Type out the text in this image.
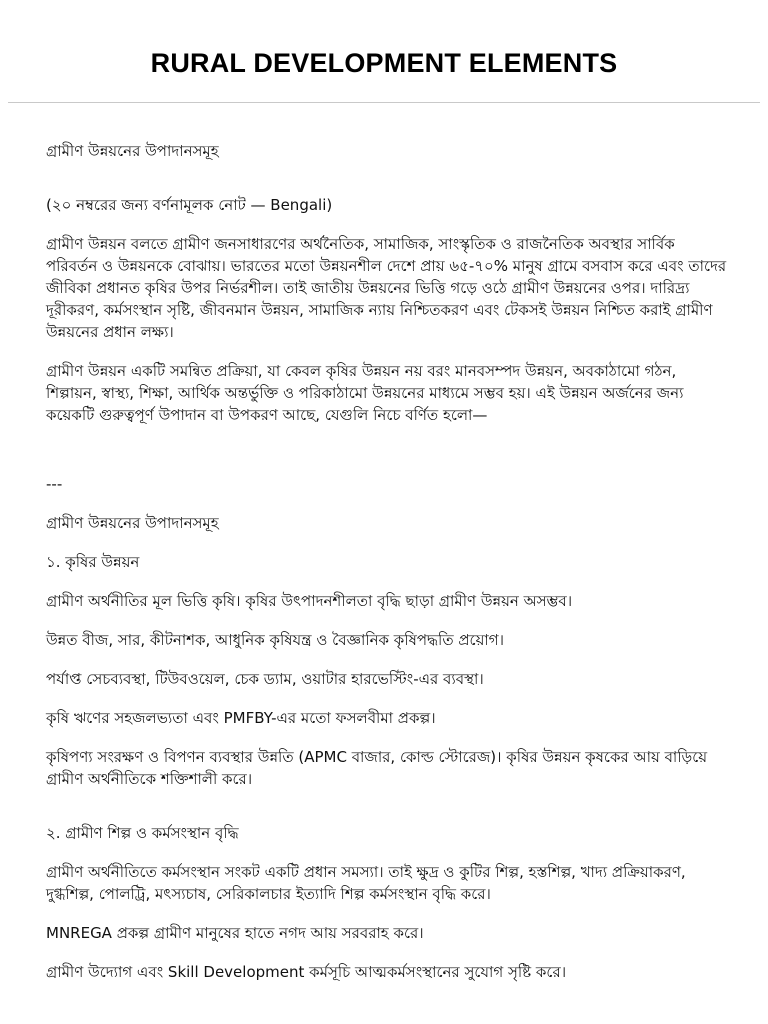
RURAL DEVELOPMENT ELEMENTS

গ্রামীণ উন্নয়নের উপাদানসমূহ

(২০ নম্বরের জন্য বর্ণনামূলক নোট — Bengali)

গ্রামীণ উন্নয়ন বলতে গ্রামীণ জনসাধারণের অর্থনৈতিক, সামাজিক, সাংস্কৃতিক ও রাজনৈতিক অবস্থার সার্বিক পরিবর্তন ও উন্নয়নকে বোঝায়। ভারতের মতো উন্নয়নশীল দেশে প্রায় ৬৫-৭০% মানুষ গ্রামে বসবাস করে এবং তাদের জীবিকা প্রধানত কৃষির উপর নির্ভরশীল। তাই জাতীয় উন্নয়নের ভিত্তি গড়ে ওঠে গ্রামীণ উন্নয়নের ওপর। দারিদ্র্য দূরীকরণ, কর্মসংস্থান সৃষ্টি, জীবনমান উন্নয়ন, সামাজিক ন্যায় নিশ্চিতকরণ এবং টেকসই উন্নয়ন নিশ্চিত করাই গ্রামীণ উন্নয়নের প্রধান লক্ষ্য।

গ্রামীণ উন্নয়ন একটি সমন্বিত প্রক্রিয়া, যা কেবল কৃষির উন্নয়ন নয় বরং মানবসম্পদ উন্নয়ন, অবকাঠামো গঠন, শিল্পায়ন, স্বাস্থ্য, শিক্ষা, আর্থিক অন্তর্ভুক্তি ও পরিকাঠামো উন্নয়নের মাধ্যমে সম্ভব হয়। এই উন্নয়ন অর্জনের জন্য কয়েকটি গুরুত্বপূর্ণ উপাদান বা উপকরণ আছে, যেগুলি নিচে বর্ণিত হলো—

---

গ্রামীণ উন্নয়নের উপাদানসমূহ

১. কৃষির উন্নয়ন

গ্রামীণ অর্থনীতির মূল ভিত্তি কৃষি। কৃষির উৎপাদনশীলতা বৃদ্ধি ছাড়া গ্রামীণ উন্নয়ন অসম্ভব।

উন্নত বীজ, সার, কীটনাশক, আধুনিক কৃষিযন্ত্র ও বৈজ্ঞানিক কৃষিপদ্ধতি প্রয়োগ।

পর্যাপ্ত সেচব্যবস্থা, টিউবওয়েল, চেক ড্যাম, ওয়াটার হারভেস্টিং-এর ব্যবস্থা।

কৃষি ঋণের সহজলভ্যতা এবং PMFBY-এর মতো ফসলবীমা প্রকল্প।

কৃষিপণ্য সংরক্ষণ ও বিপণন ব্যবস্থার উন্নতি (APMC বাজার, কোল্ড স্টোরেজ)। কৃষির উন্নয়ন কৃষকের আয় বাড়িয়ে গ্রামীণ অর্থনীতিকে শক্তিশালী করে।

২. গ্রামীণ শিল্প ও কর্মসংস্থান বৃদ্ধি

গ্রামীণ অর্থনীতিতে কর্মসংস্থান সংকট একটি প্রধান সমস্যা। তাই ক্ষুদ্র ও কুটির শিল্প, হস্তশিল্প, খাদ্য প্রক্রিয়াকরণ, দুগ্ধশিল্প, পোলট্রি, মৎস্যচাষ, সেরিকালচার ইত্যাদি শিল্প কর্মসংস্থান বৃদ্ধি করে।

MNREGA প্রকল্প গ্রামীণ মানুষের হাতে নগদ আয় সরবরাহ করে।

গ্রামীণ উদ্যোগ এবং Skill Development কর্মসূচি আত্মকর্মসংস্থানের সুযোগ সৃষ্টি করে।
